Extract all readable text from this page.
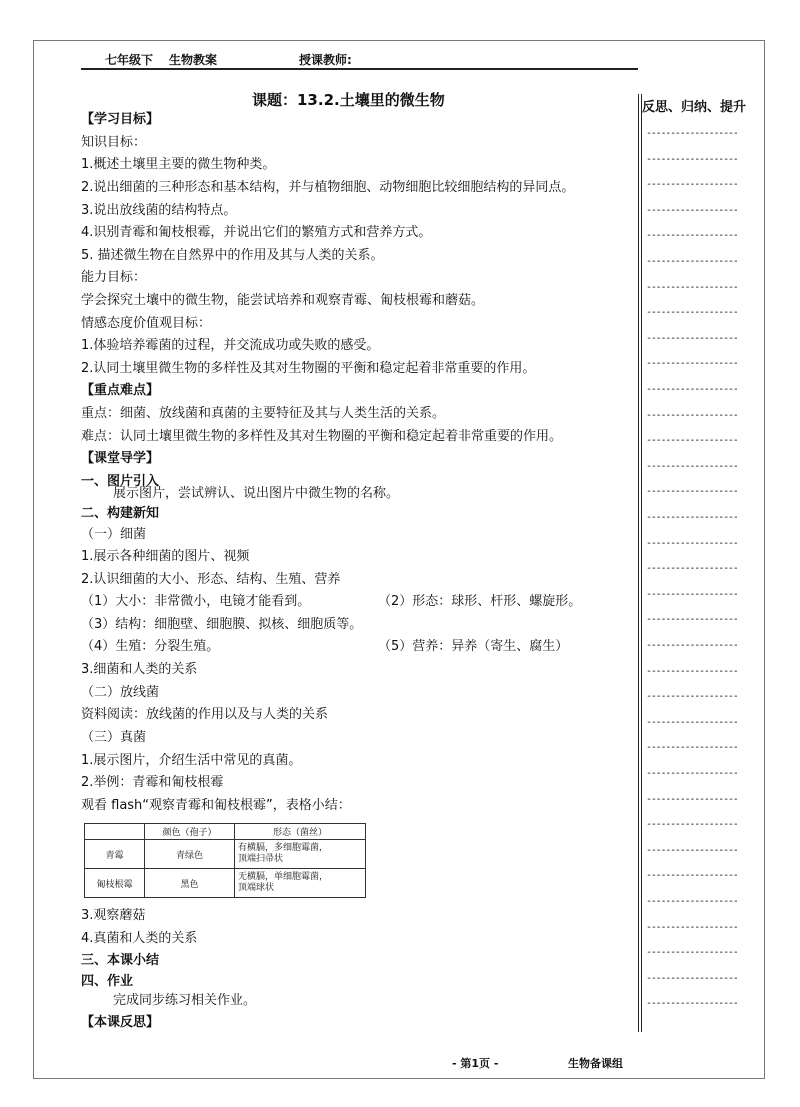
七年级下 生物教案	授课教师:
课题：13.2.土壤里的微生物	反思、归纳、提升
-------------------
-------------------
-------------------
-------------------
-------------------
-------------------
-------------------
-------------------
-------------------
-------------------
-------------------
-------------------
-------------------
-------------------
-------------------
-------------------
-------------------
-------------------
-------------------
-------------------
-------------------
-------------------
-------------------
-------------------
-------------------
-------------------
-------------------
-------------------
-------------------
-------------------
-------------------
-------------------
-------------------
-------------------
-------------------
【学习目标】
知识目标：
1.概述土壤里主要的微生物种类。
2.说出细菌的三种形态和基本结构，并与植物细胞、动物细胞比较细胞结构的异同点。
3.说出放线菌的结构特点。
4.识别青霉和匍枝根霉，并说出它们的繁殖方式和营养方式。
5. 描述微生物在自然界中的作用及其与人类的关系。
能力目标：
学会探究土壤中的微生物，能尝试培养和观察青霉、匍枝根霉和蘑菇。
情感态度价值观目标：
1.体验培养霉菌的过程，并交流成功或失败的感受。
2.认同土壤里微生物的多样性及其对生物圈的平衡和稳定起着非常重要的作用。
【重点难点】
重点：细菌、放线菌和真菌的主要特征及其与人类生活的关系。
难点：认同土壤里微生物的多样性及其对生物圈的平衡和稳定起着非常重要的作用。
【课堂导学】
一、图片引入
展示图片，尝试辨认、说出图片中微生物的名称。
二、构建新知
（一）细菌
1.展示各种细菌的图片、视频
2.认识细菌的大小、形态、结构、生殖、营养
（1）大小：非常微小，电镜才能看到。	（2）形态：球形、杆形、螺旋形。
（3）结构：细胞壁、细胞膜、拟核、细胞质等。
（4）生殖：分裂生殖。	（5）营养：异养（寄生、腐生）
3.细菌和人类的关系
（二）放线菌
资料阅读：放线菌的作用以及与人类的关系
（三）真菌
1.展示图片，介绍生活中常见的真菌。
2.举例：青霉和匍枝根霉
观看 flash“观察青霉和匍枝根霉”，表格小结：
	颜色（孢子）	形态（菌丝）
青霉	青绿色	有横膈，多细胞霉菌，
顶端扫帚状

匍枝根霉	黑色	无横膈，单细胞霉菌，
顶端球状
3.观察蘑菇
4.真菌和人类的关系
三、本课小结
四、作业
完成同步练习相关作业。
【本课反思】
- 第1页 -	生物备课组
